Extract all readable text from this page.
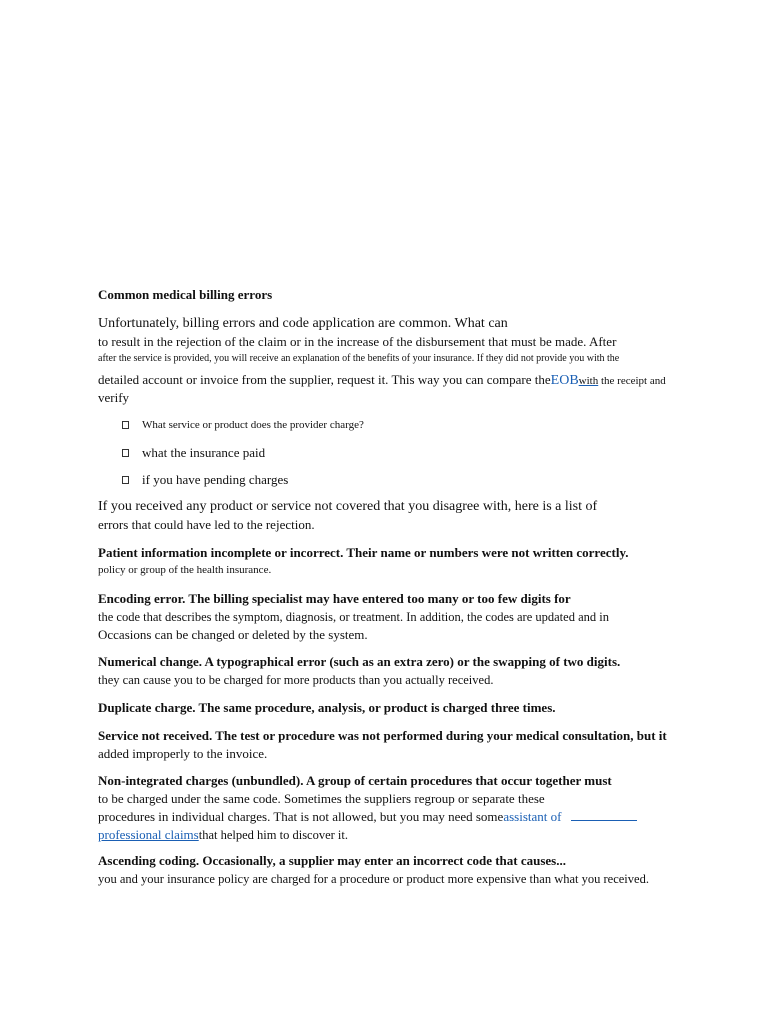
Common medical billing errors
Unfortunately, billing errors and code application are common. What can
to result in the rejection of the claim or in the increase of the disbursement that must be made. After
after the service is provided, you will receive an explanation of the benefits of your insurance. If they did not provide you with the
detailed account or invoice from the supplier, request it. This way you can compare theEOBwith the receipt and
verify
What service or product does the provider charge?
what the insurance paid
if you have pending charges
If you received any product or service not covered that you disagree with, here is a list of
errors that could have led to the rejection.
Patient information incomplete or incorrect. Their name or numbers were not written correctly.
policy or group of the health insurance.
Encoding error. The billing specialist may have entered too many or too few digits for
the code that describes the symptom, diagnosis, or treatment. In addition, the codes are updated and in
Occasions can be changed or deleted by the system.
Numerical change. A typographical error (such as an extra zero) or the swapping of two digits.
they can cause you to be charged for more products than you actually received.
Duplicate charge. The same procedure, analysis, or product is charged three times.
Service not received. The test or procedure was not performed during your medical consultation, but it
added improperly to the invoice.
Non-integrated charges (unbundled). A group of certain procedures that occur together must
to be charged under the same code. Sometimes the suppliers regroup or separate these
procedures in individual charges. That is not allowed, but you may need someassistant of
professional claimsthat helped him to discover it.
Ascending coding. Occasionally, a supplier may enter an incorrect code that causes...
you and your insurance policy are charged for a procedure or product more expensive than what you received.
